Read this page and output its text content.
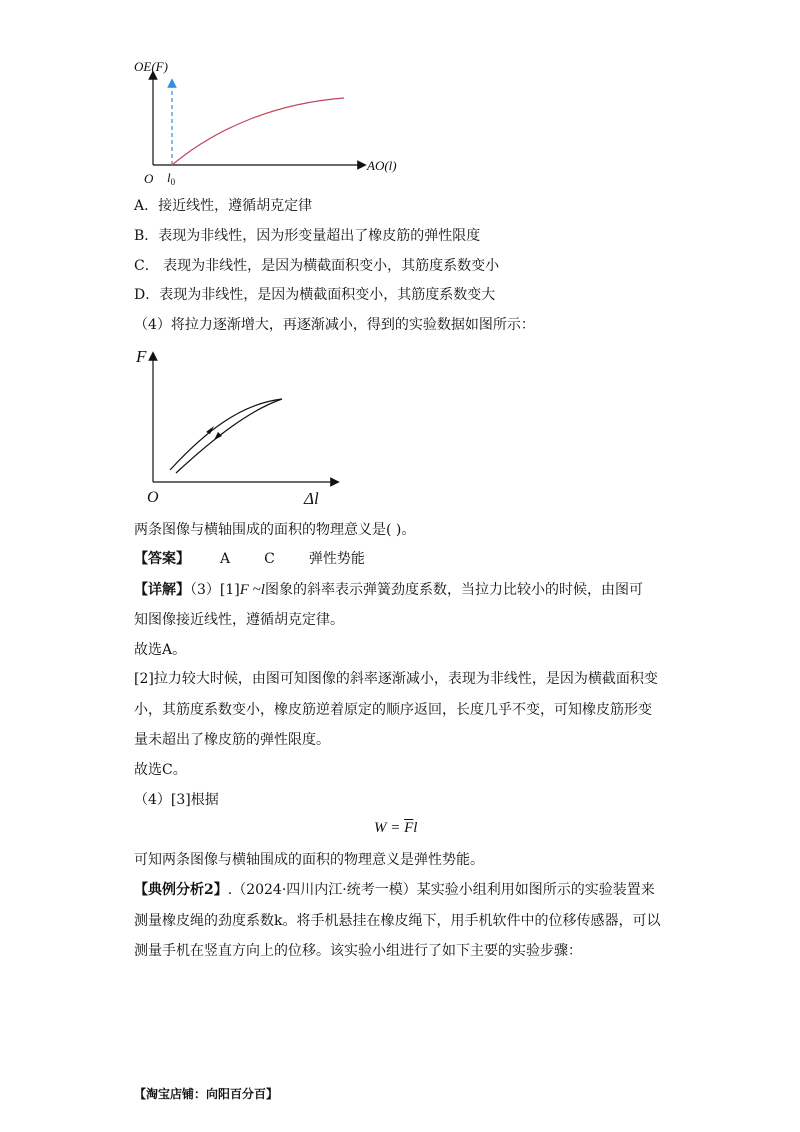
OE(F)
AO(l)
O $l_0$
A．接近线性，遵循胡克定律
B．表现为非线性，因为形变量超出了橡皮筋的弹性限度
C． 表现为非线性，是因为横截面积变小，其筋度系数变小
D．表现为非线性，是因为横截面积变小，其筋度系数变大
（4）将拉力逐渐增大，再逐渐减小，得到的实验数据如图所示：
F
O	Δl
两条图像与横轴围成的面积的物理意义是( )。
【答案】 A C 弹性势能
【详解】（3）[1]F ~l图象的斜率表示弹簧劲度系数，当拉力比较小的时候，由图可
知图像接近线性，遵循胡克定律。
故选A。
[2]拉力较大时候，由图可知图像的斜率逐渐减小，表现为非线性，是因为横截面积变
小，其筋度系数变小，橡皮筋逆着原定的顺序返回，长度几乎不变，可知橡皮筋形变
量未超出了橡皮筋的弹性限度。
故选C。
（4）[3]根据
$W = \overline{F}l$
可知两条图像与横轴围成的面积的物理意义是弹性势能。
【典例分析2】.（2024·四川内江·统考一模）某实验小组利用如图所示的实验装置来
测量橡皮绳的劲度系数k。将手机悬挂在橡皮绳下，用手机软件中的位移传感器，可以
测量手机在竖直方向上的位移。该实验小组进行了如下主要的实验步骤：
【淘宝店铺：向阳百分百】
